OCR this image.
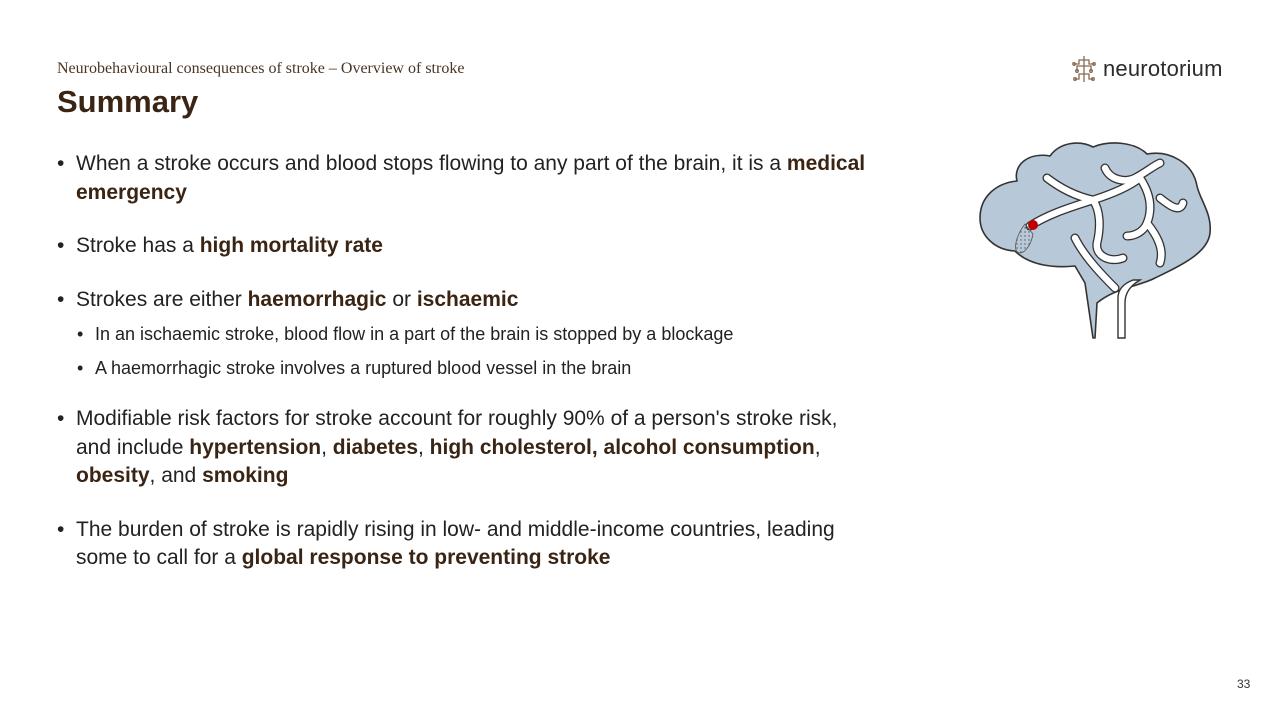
Neurobehavioural consequences of stroke – Overview of stroke
Summary
neurotorium
• When a stroke occurs and blood stops flowing to any part of the brain, it is a medical emergency
• Stroke has a high mortality rate
• Strokes are either haemorrhagic or ischaemic
• In an ischaemic stroke, blood flow in a part of the brain is stopped by a blockage
• A haemorrhagic stroke involves a ruptured blood vessel in the brain
• Modifiable risk factors for stroke account for roughly 90% of a person's stroke risk, and include hypertension, diabetes, high cholesterol, alcohol consumption, obesity, and smoking
• The burden of stroke is rapidly rising in low- and middle-income countries, leading some to call for a global response to preventing stroke
33
